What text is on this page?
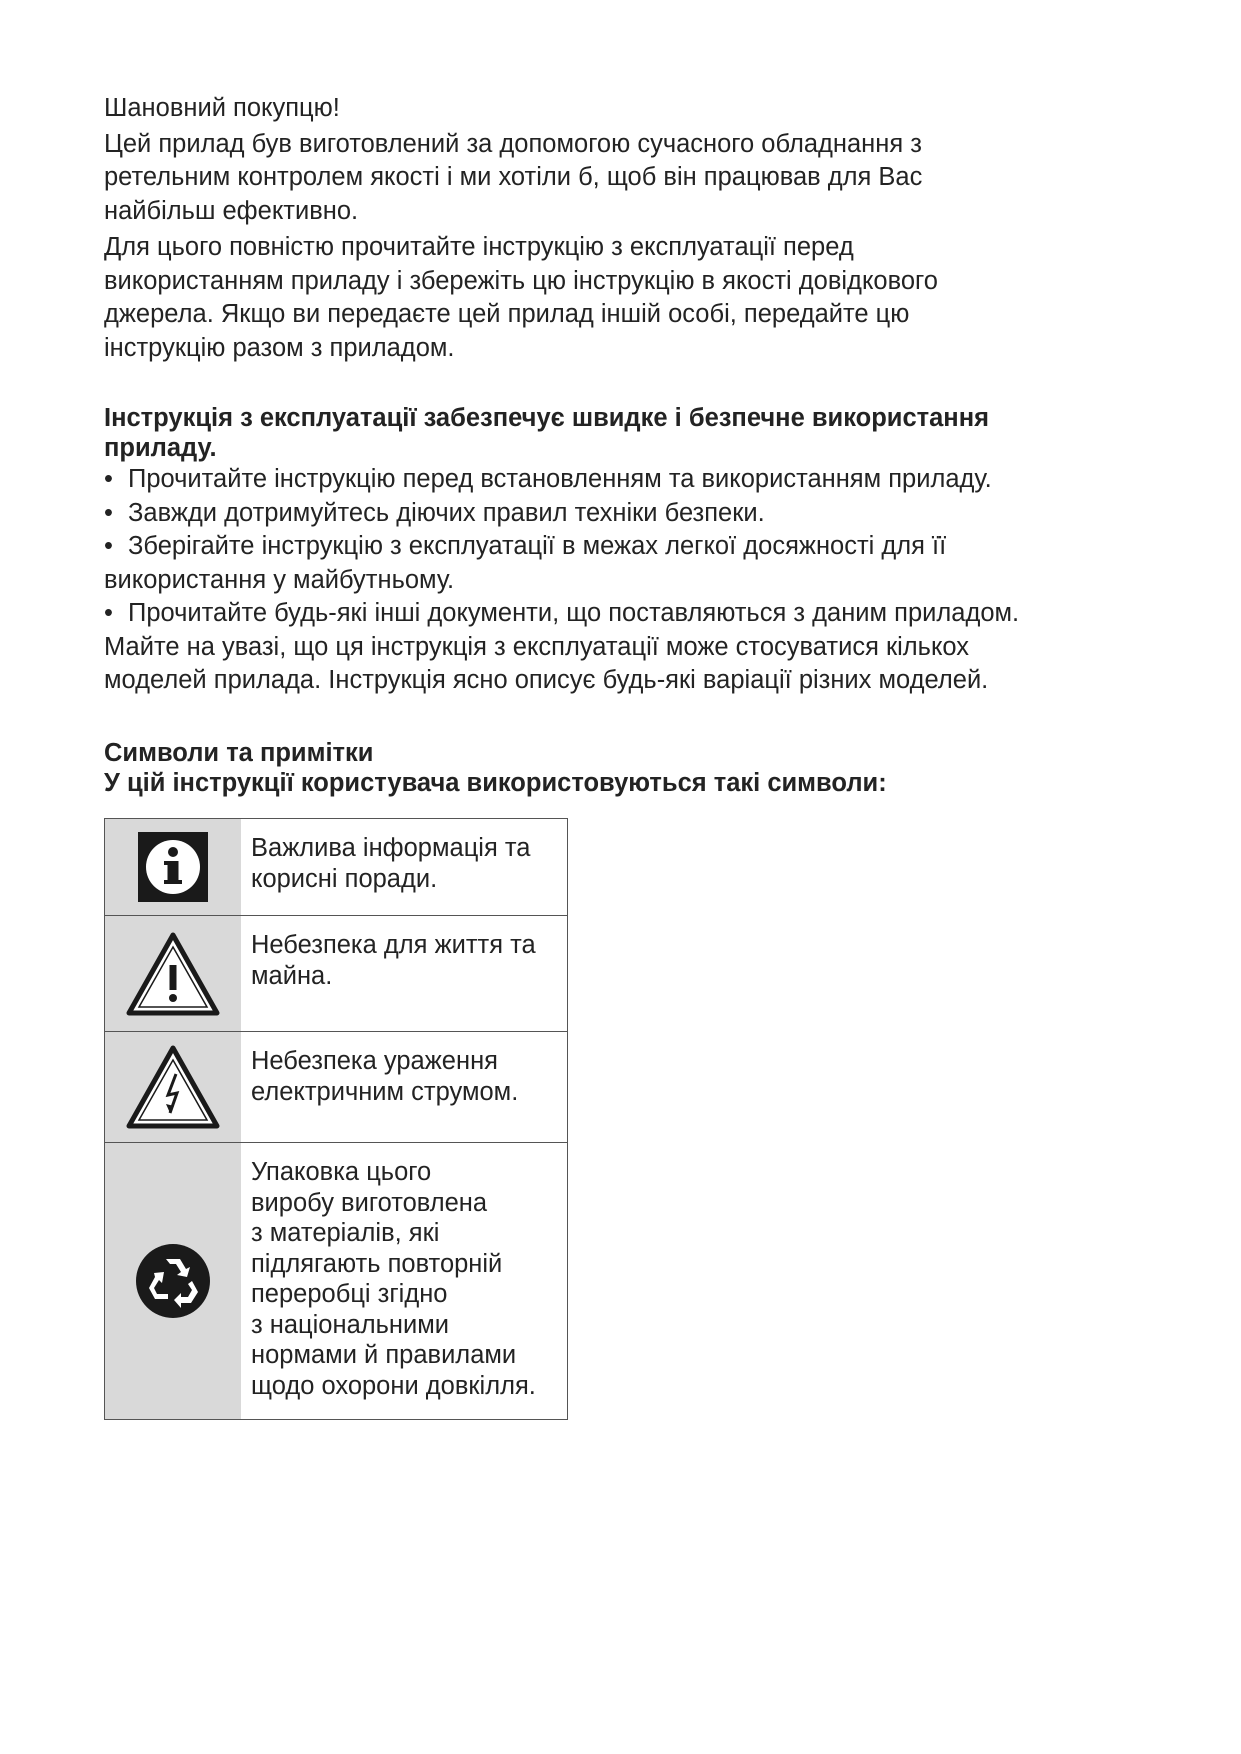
Шановний покупцю!

Цей прилад був виготовлений за допомогою сучасного обладнання з
ретельним контролем якості і ми хотіли б, щоб він працював для Вас
найбільш ефективно.

Для цього повністю прочитайте інструкцію з експлуатації перед
використанням приладу і збережіть цю інструкцію в якості довідкового
джерела. Якщо ви передаєте цей прилад іншій особі, передайте цю
інструкцію разом з приладом.

Інструкція з експлуатації забезпечує швидке і безпечне використання
приладу.

• Прочитайте інструкцію перед встановленням та використанням приладу.

• Завжди дотримуйтесь діючих правил техніки безпеки.

• Зберігайте інструкцію з експлуатації в межах легкої досяжності для її

використання у майбутньому.

• Прочитайте будь-які інші документи, що поставляються з даним приладом.

Майте на увазі, що ця інструкція з експлуатації може стосуватися кількох

моделей прилада. Інструкція ясно описує будь-які варіації різних моделей.

Символи та примітки

У цій інструкції користувача використовуються такі символи:

Важлива інформація та
корисні поради.
Небезпека для життя та
майна.
Небезпека ураження
електричним струмом.
Упаковка цього
виробу виготовлена
з матеріалів, які
підлягають повторній
переробці згідно
з національними
нормами й правилами
щодо охорони довкілля.
